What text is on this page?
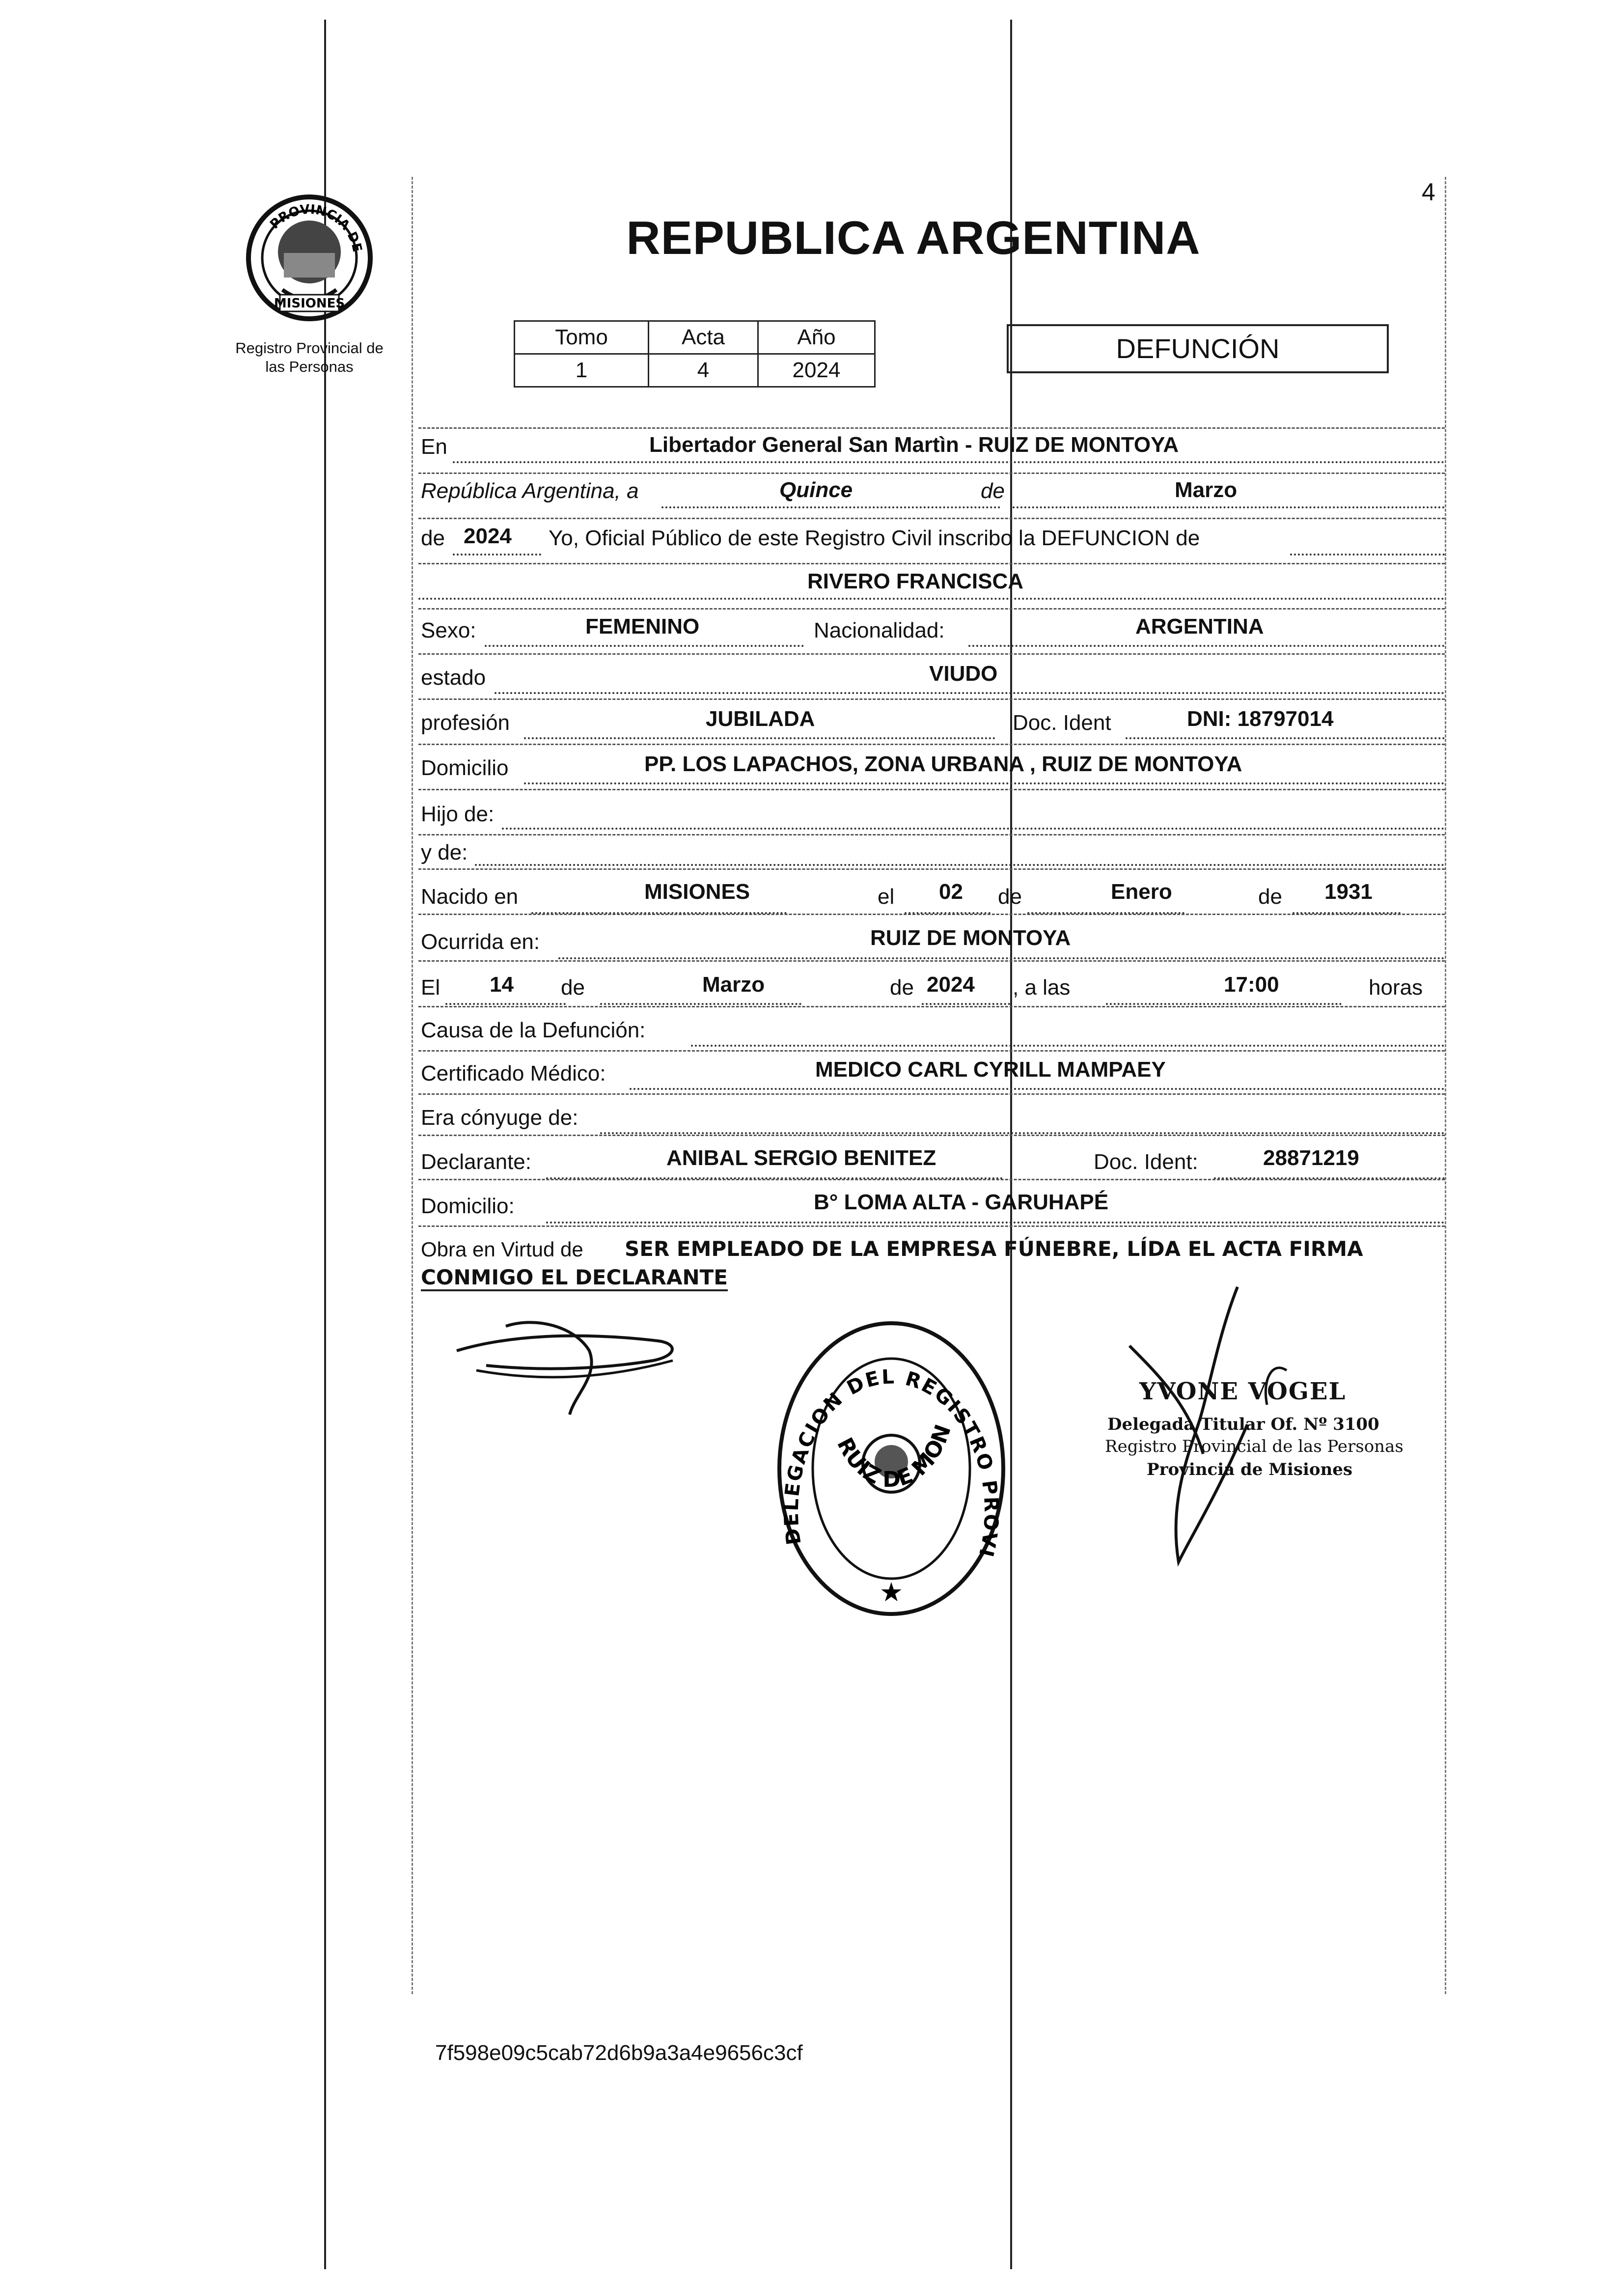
4
PROVINCIA DE
MISIONES
Registro Provincial de
las Personas
REPUBLICA ARGENTINA
Tomo	Acta	Año
1	4	2024
DEFUNCIÓN
En	Libertador General San Martìn - RUIZ DE MONTOYA
República Argentina, a	Quince	de	Marzo
de 2024 Yo, Oficial Público de este Registro Civil inscribo la DEFUNCION de
RIVERO FRANCISCA
Sexo:	FEMENINO	Nacionalidad:	ARGENTINA
estado	VIUDO
profesión	JUBILADA	Doc. Ident	DNI: 18797014
Domicilio	PP. LOS LAPACHOS, ZONA URBANA , RUIZ DE MONTOYA
Hijo de:
y de:
Nacido en	MISIONES	el 02 de	Enero	de 1931
Ocurrida en:	RUIZ DE MONTOYA
El 14 de	Marzo	de 2024 , a las	17:00	horas
Causa de la Defunción:
Certificado Médico:	MEDICO CARL CYRILL MAMPAEY
Era cónyuge de:
Declarante:	ANIBAL SERGIO BENITEZ	Doc. Ident:	28871219
Domicilio:	B° LOMA ALTA - GARUHAPÉ
Obra en Virtud de SER EMPLEADO DE LA EMPRESA FÚNEBRE, LÍDA EL ACTA FIRMA
CONMIGO EL DECLARANTE
DELEGACION DEL REGISTRO PROVI
RUIZ DE MON
★
YVONE VOGEL
Delegada Titular Of. Nº 3100
Registro Provincial de las Personas
Provincia de Misiones
7f598e09c5cab72d6b9a3a4e9656c3cf
